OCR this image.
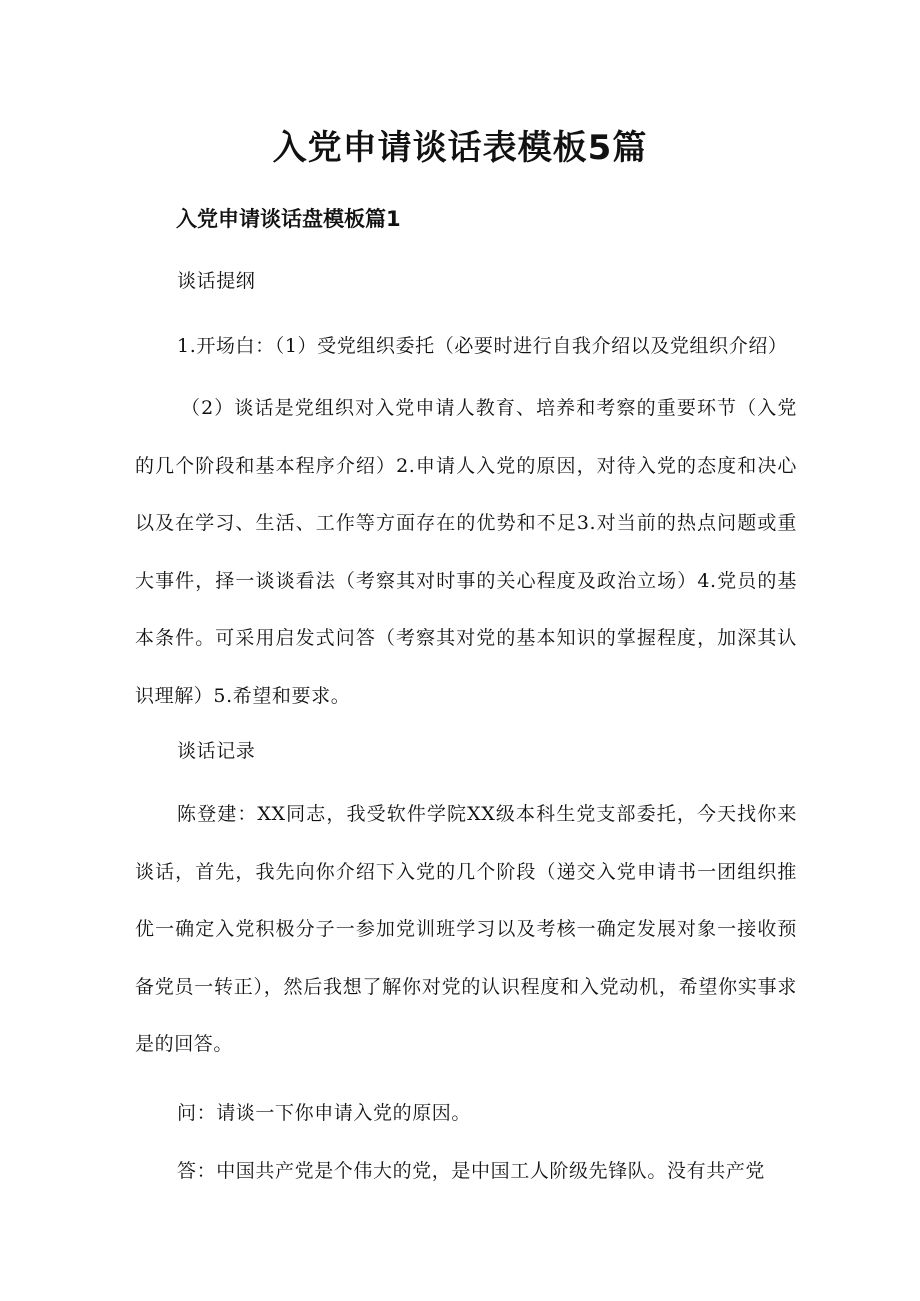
入党申请谈话表模板5篇
入党申请谈话盘模板篇1

谈话提纲

1.开场白：（1）受党组织委托（必要时进行自我介绍以及党组织介绍）

（2）谈话是党组织对入党申请人教育、培养和考察的重要环节（入党的几个阶段和基本程序介绍）2.申请人入党的原因，对待入党的态度和决心以及在学习、生活、工作等方面存在的优势和不足3.对当前的热点问题或重大事件，择一谈谈看法（考察其对时事的关心程度及政治立场）4.党员的基本条件。可采用启发式问答（考察其对党的基本知识的掌握程度，加深其认识理解）5.希望和要求。

谈话记录

陈登建：XX同志，我受软件学院XX级本科生党支部委托，今天找你来谈话，首先，我先向你介绍下入党的几个阶段（递交入党申请书一团组织推优一确定入党积极分子一参加党训班学习以及考核一确定发展对象一接收预备党员一转正），然后我想了解你对党的认识程度和入党动机，希望你实事求是的回答。

问：请谈一下你申请入党的原因。

答：中国共产党是个伟大的党，是中国工人阶级先锋队。没有共产党
